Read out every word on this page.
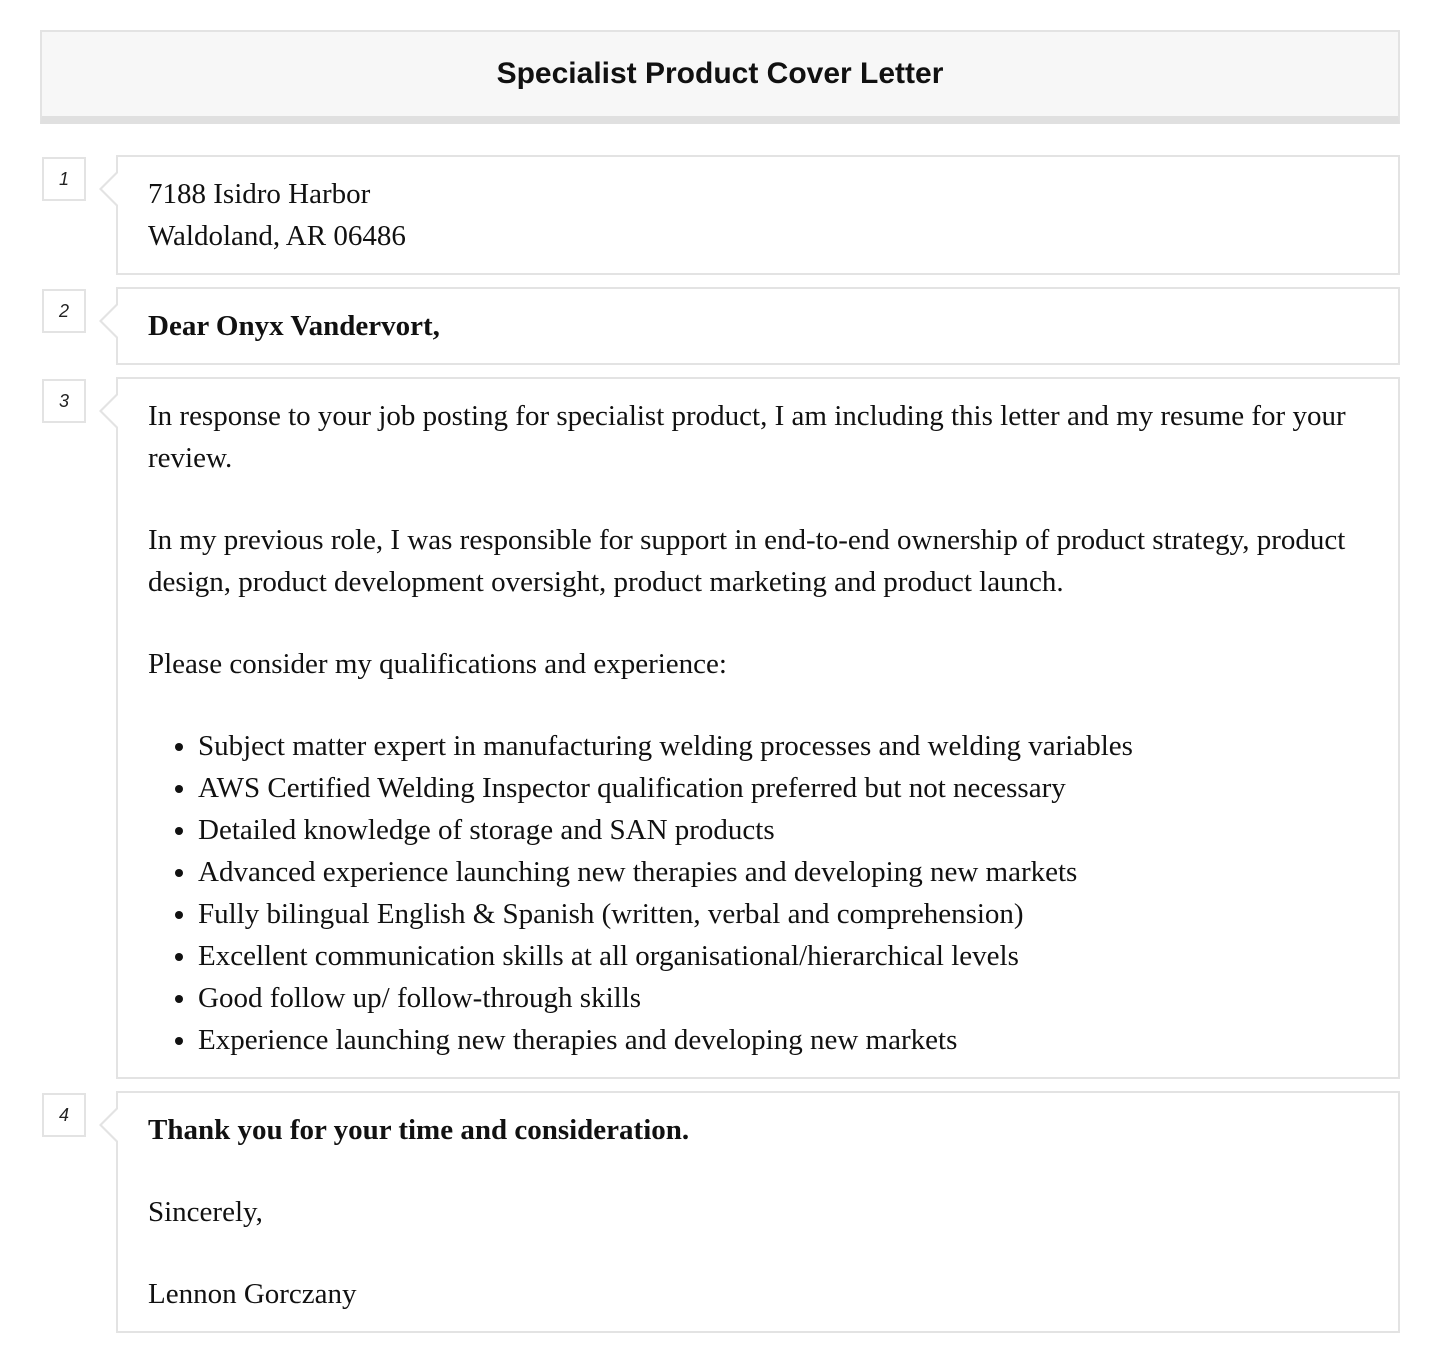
Specialist Product Cover Letter
1	7188 Isidro Harbor

Waldoland, AR 06486

2	Dear Onyx Vandervort,

3	In response to your job posting for specialist product, I am including this letter and my resume for your review.

In my previous role, I was responsible for support in end-to-end ownership of product strategy, product design, product development oversight, product marketing and product launch.

Please consider my qualifications and experience:

• Subject matter expert in manufacturing welding processes and welding variables
• AWS Certified Welding Inspector qualification preferred but not necessary
• Detailed knowledge of storage and SAN products
• Advanced experience launching new therapies and developing new markets
• Fully bilingual English & Spanish (written, verbal and comprehension)
• Excellent communication skills at all organisational/hierarchical levels
• Good follow up/ follow-through skills
• Experience launching new therapies and developing new markets
4	Thank you for your time and consideration.

Sincerely,

Lennon Gorczany
